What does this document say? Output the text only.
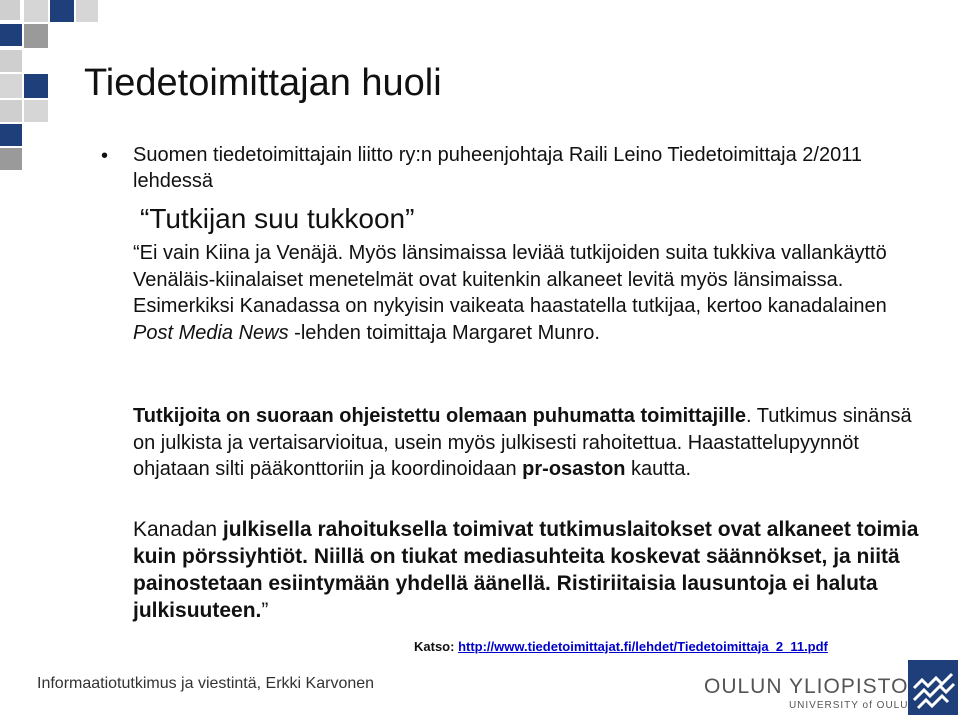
Tiedetoimittajan huoli
• Suomen tiedetoimittajain liitto ry:n puheenjohtaja Raili Leino Tiedetoimittaja 2/2011 lehdessä
“Tutkijan suu tukkoon”
“Ei vain Kiina ja Venäjä. Myös länsimaissa leviää tutkijoiden suita tukkiva vallankäyttö
Venäläis-kiinalaiset menetelmät ovat kuitenkin alkaneet levitä myös länsimaissa. Esimerkiksi Kanadassa on nykyisin vaikeata haastatella tutkijaa, kertoo kanadalainen Post Media News -lehden toimittaja Margaret Munro.
Tutkijoita on suoraan ohjeistettu olemaan puhumatta toimittajille. Tutkimus sinänsä on julkista ja vertaisarvioitua, usein myös julkisesti rahoitettua. Haastattelupyynnöt ohjataan silti pääkonttoriin ja koordinoidaan pr-osaston kautta.
Kanadan julkisella rahoituksella toimivat tutkimuslaitokset ovat alkaneet toimia kuin pörssiyhtiöt. Niillä on tiukat mediasuhteita koskevat säännökset, ja niitä painostetaan esiintymään yhdellä äänellä. Ristiriitaisia lausuntoja ei haluta julkisuuteen.”
Katso: http://www.tiedetoimittajat.fi/lehdet/Tiedetoimittaja_2_11.pdf
Informaatiotutkimus ja viestintä, Erkki Karvonen	OULUN YLIOPISTO
UNIVERSITY of OULU
